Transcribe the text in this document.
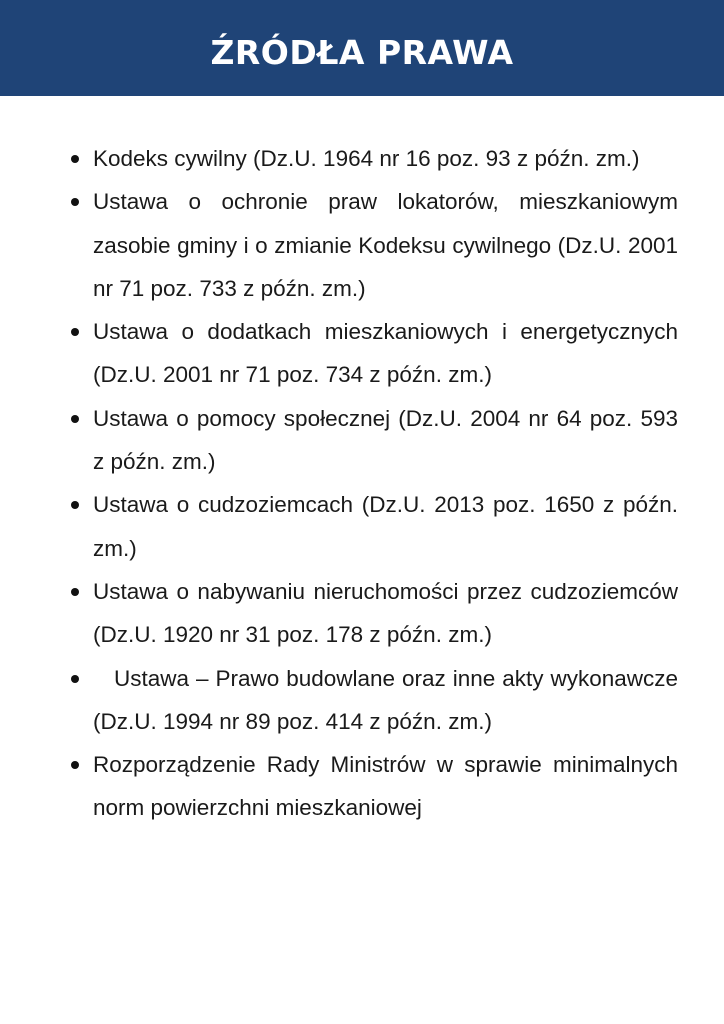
ŹRÓDŁA PRAWA
Kodeks cywilny (Dz.U. 1964 nr 16 poz. 93 z późn. zm.)
Ustawa o ochronie praw lokatorów, mieszkaniowym zasobie gminy i o zmianie Kodeksu cywilnego (Dz.U. 2001 nr 71 poz. 733 z późn. zm.)
Ustawa o dodatkach mieszkaniowych i energetycznych (Dz.U. 2001 nr 71 poz. 734 z późn. zm.)
Ustawa o pomocy społecznej (Dz.U. 2004 nr 64 poz. 593 z późn. zm.)
Ustawa o cudzoziemcach (Dz.U. 2013 poz. 1650 z późn. zm.)
Ustawa o nabywaniu nieruchomości przez cudzoziemców (Dz.U. 1920 nr 31 poz. 178 z późn. zm.)
Ustawa – Prawo budowlane oraz inne akty wykonawcze (Dz.U. 1994 nr 89 poz. 414 z późn. zm.)
Rozporządzenie Rady Ministrów w sprawie minimalnych norm powierzchni mieszkaniowej
